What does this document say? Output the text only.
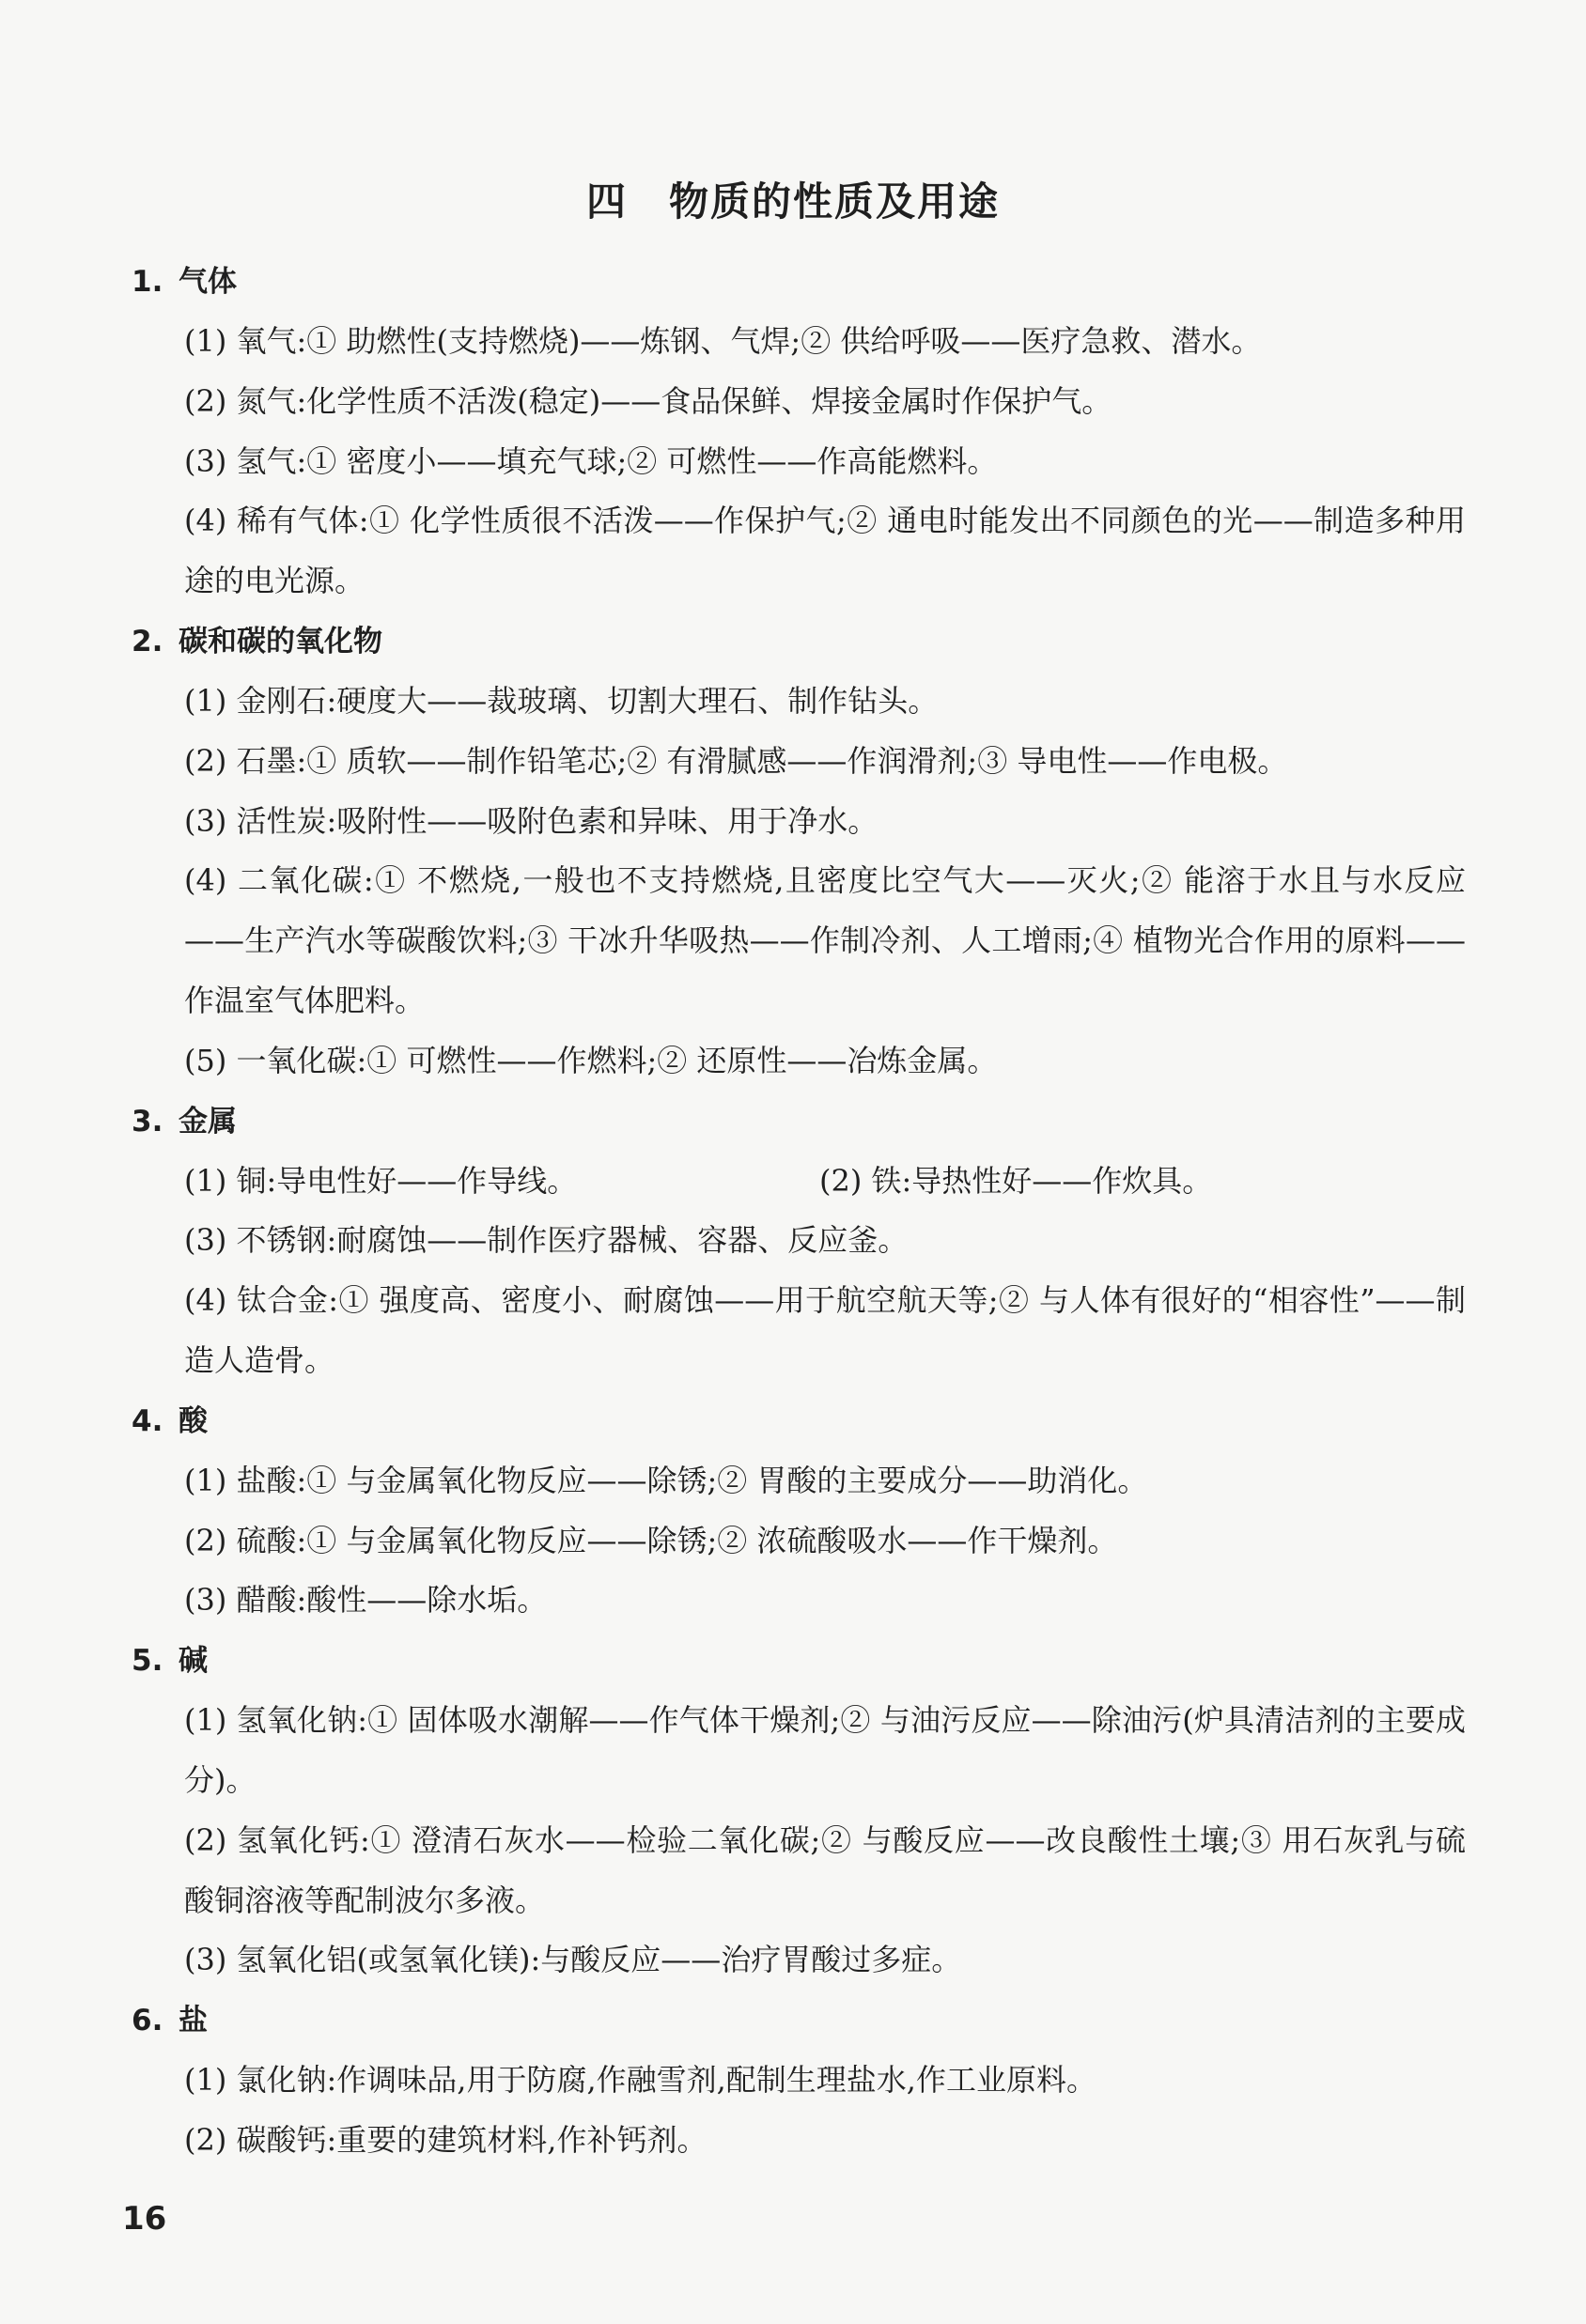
四　物质的性质及用途
1. 气体

(1) 氧气:① 助燃性(支持燃烧)——炼钢、气焊;② 供给呼吸——医疗急救、潜水。

(2) 氮气:化学性质不活泼(稳定)——食品保鲜、焊接金属时作保护气。

(3) 氢气:① 密度小——填充气球;② 可燃性——作高能燃料。

(4) 稀有气体:① 化学性质很不活泼——作保护气;② 通电时能发出不同颜色的光——制造多种用途的电光源。

2. 碳和碳的氧化物

(1) 金刚石:硬度大——裁玻璃、切割大理石、制作钻头。

(2) 石墨:① 质软——制作铅笔芯;② 有滑腻感——作润滑剂;③ 导电性——作电极。

(3) 活性炭:吸附性——吸附色素和异味、用于净水。

(4) 二氧化碳:① 不燃烧,一般也不支持燃烧,且密度比空气大——灭火;② 能溶于水且与水反应——生产汽水等碳酸饮料;③ 干冰升华吸热——作制冷剂、人工增雨;④ 植物光合作用的原料——作温室气体肥料。

(5) 一氧化碳:① 可燃性——作燃料;② 还原性——冶炼金属。

3. 金属

(1) 铜:导电性好——作导线。	(2) 铁:导热性好——作炊具。

(3) 不锈钢:耐腐蚀——制作医疗器械、容器、反应釜。

(4) 钛合金:① 强度高、密度小、耐腐蚀——用于航空航天等;② 与人体有很好的“相容性”——制造人造骨。

4. 酸

(1) 盐酸:① 与金属氧化物反应——除锈;② 胃酸的主要成分——助消化。

(2) 硫酸:① 与金属氧化物反应——除锈;② 浓硫酸吸水——作干燥剂。

(3) 醋酸:酸性——除水垢。

5. 碱

(1) 氢氧化钠:① 固体吸水潮解——作气体干燥剂;② 与油污反应——除油污(炉具清洁剂的主要成分)。

(2) 氢氧化钙:① 澄清石灰水——检验二氧化碳;② 与酸反应——改良酸性土壤;③ 用石灰乳与硫酸铜溶液等配制波尔多液。

(3) 氢氧化铝(或氢氧化镁):与酸反应——治疗胃酸过多症。

6. 盐

(1) 氯化钠:作调味品,用于防腐,作融雪剂,配制生理盐水,作工业原料。

(2) 碳酸钙:重要的建筑材料,作补钙剂。

16
